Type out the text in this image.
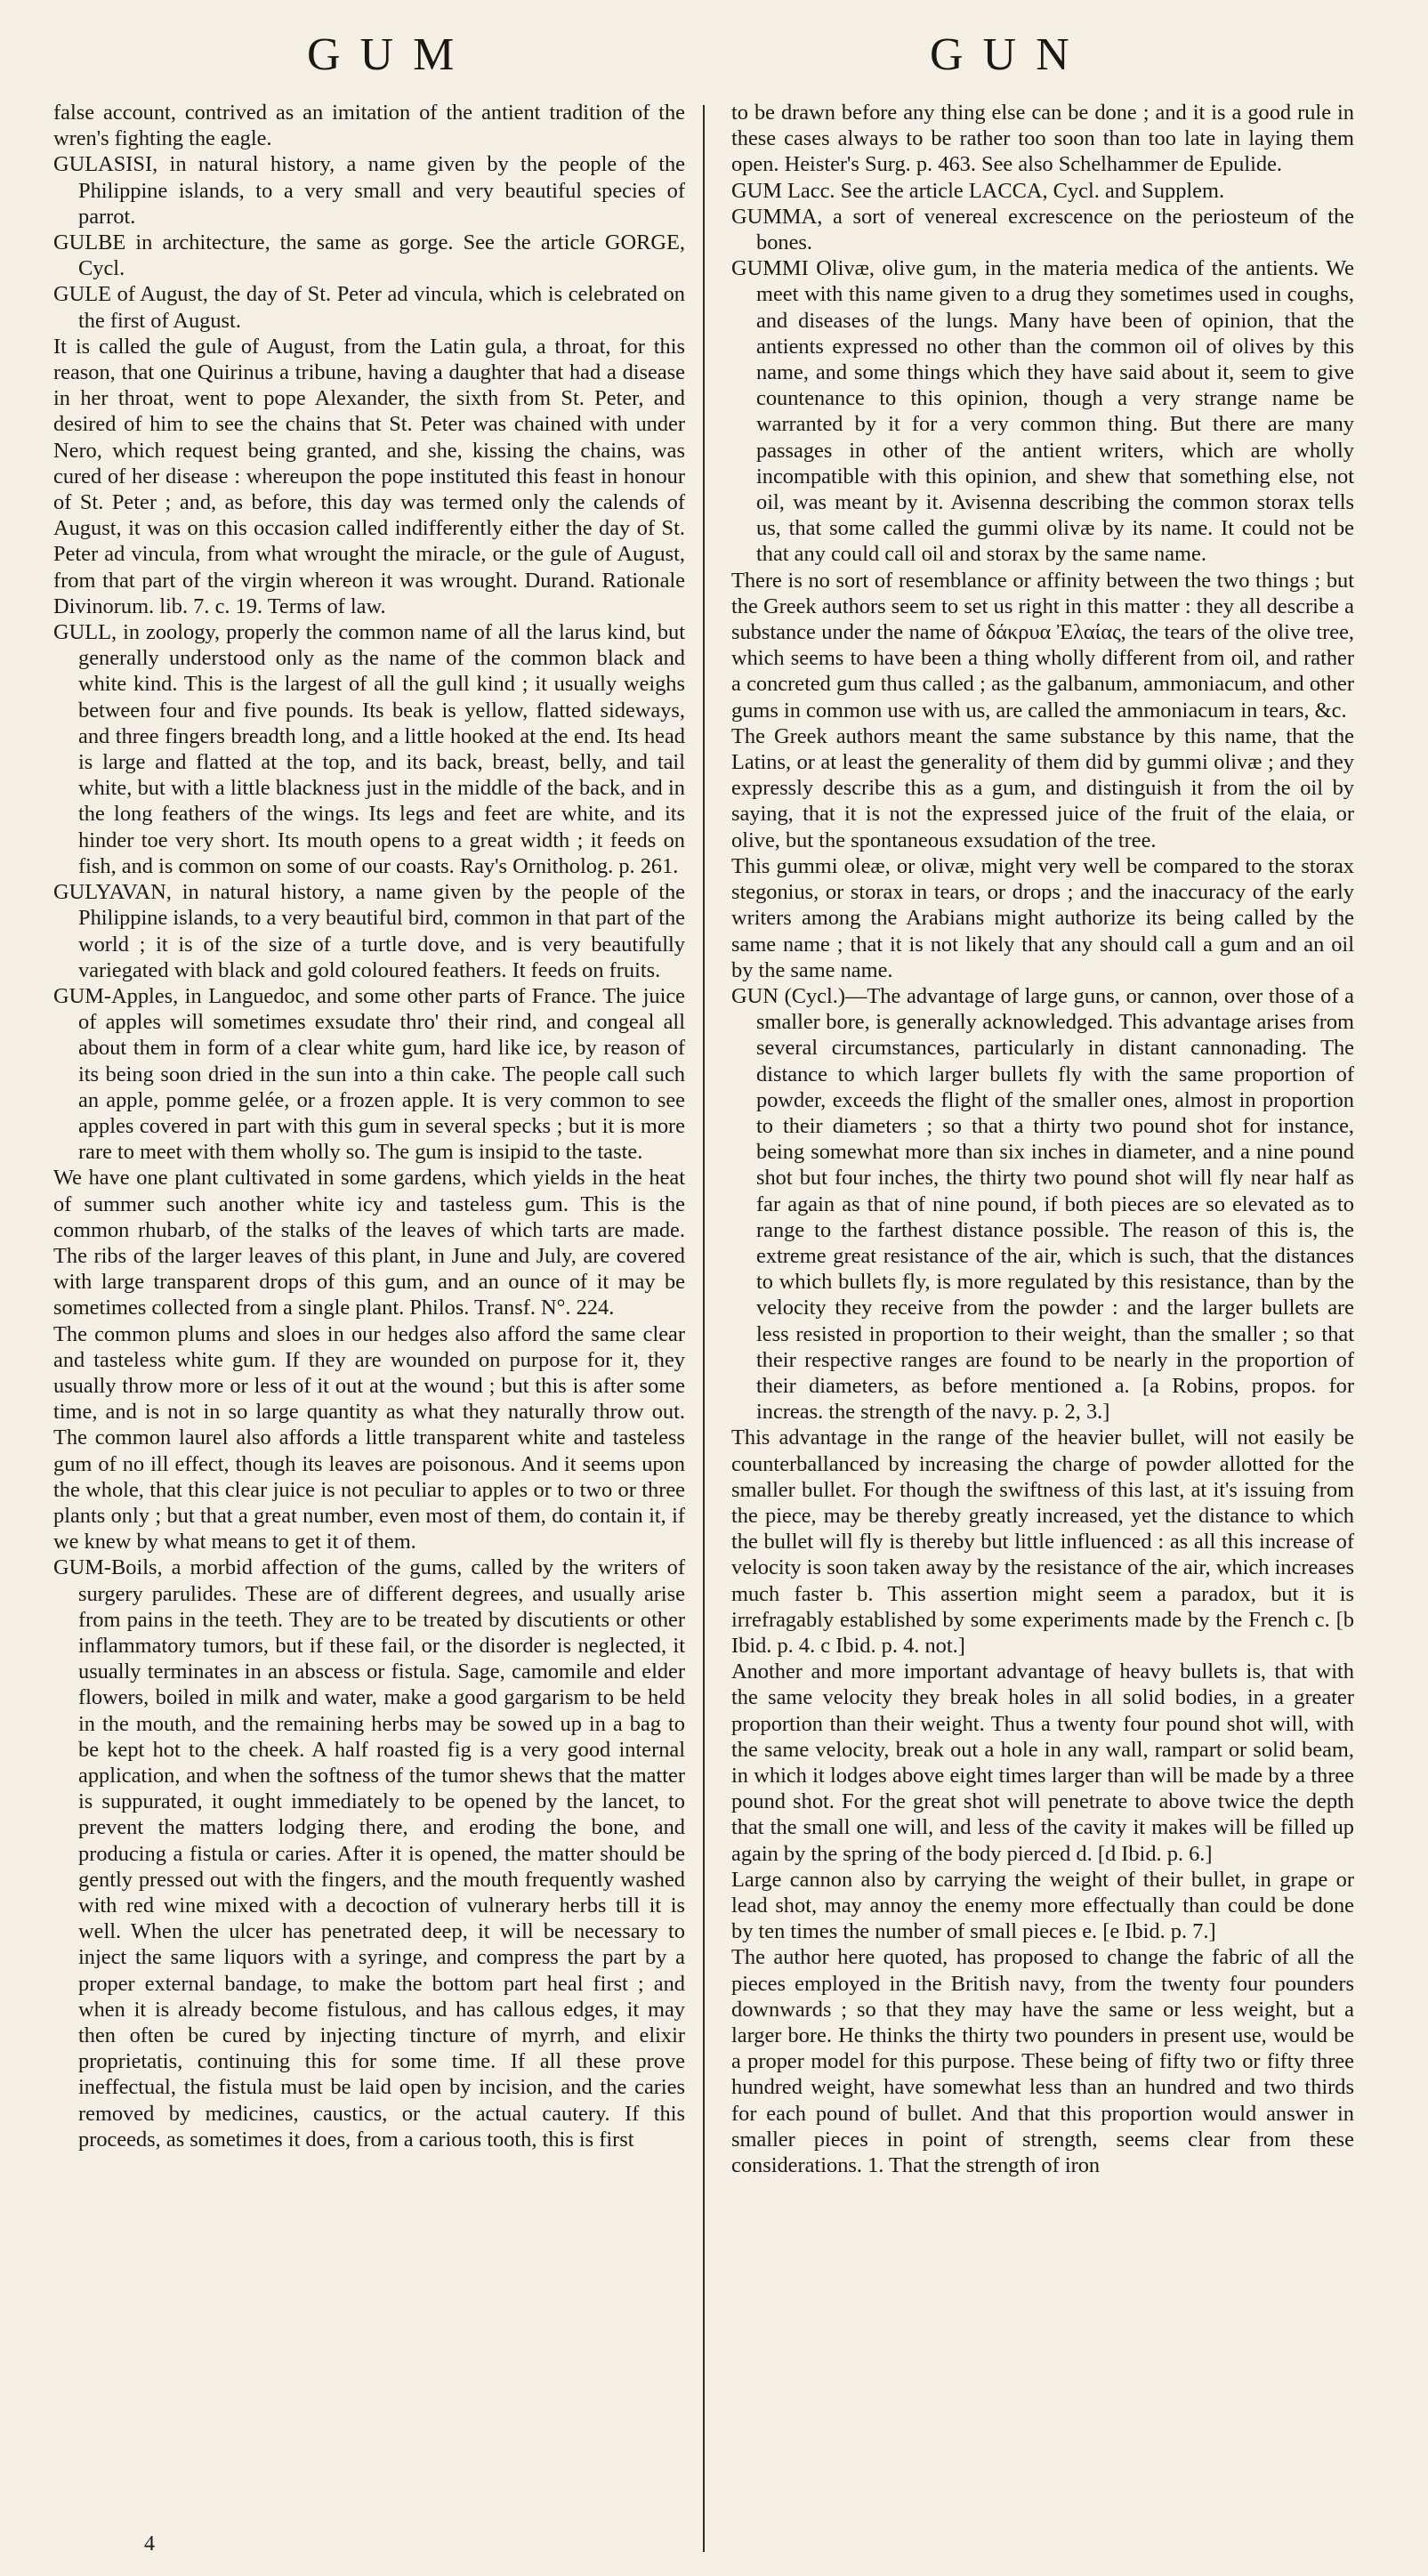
GUM	GUN

false account, contrived as an imitation of the antient tradition of the wren's fighting the eagle.

GULASISI, in natural history, a name given by the people of the Philippine islands, to a very small and very beautiful species of parrot.

GULBE in architecture, the same as gorge. See the article GORGE, Cycl.

GULE of August, the day of St. Peter ad vincula, which is celebrated on the first of August.

It is called the gule of August, from the Latin gula, a throat, for this reason, that one Quirinus a tribune, having a daughter that had a disease in her throat, went to pope Alexander, the sixth from St. Peter, and desired of him to see the chains that St. Peter was chained with under Nero, which request being granted, and she, kissing the chains, was cured of her disease : whereupon the pope instituted this feast in honour of St. Peter ; and, as before, this day was termed only the calends of August, it was on this occasion called indifferently either the day of St. Peter ad vincula, from what wrought the miracle, or the gule of August, from that part of the virgin whereon it was wrought. Durand. Rationale Divinorum. lib. 7. c. 19. Terms of law.

GULL, in zoology, properly the common name of all the larus kind, but generally understood only as the name of the common black and white kind. This is the largest of all the gull kind ; it usually weighs between four and five pounds. Its beak is yellow, flatted sideways, and three fingers breadth long, and a little hooked at the end. Its head is large and flatted at the top, and its back, breast, belly, and tail white, but with a little blackness just in the middle of the back, and in the long feathers of the wings. Its legs and feet are white, and its hinder toe very short. Its mouth opens to a great width ; it feeds on fish, and is common on some of our coasts. Ray's Ornitholog. p. 261.

GULYAVAN, in natural history, a name given by the people of the Philippine islands, to a very beautiful bird, common in that part of the world ; it is of the size of a turtle dove, and is very beautifully variegated with black and gold coloured feathers. It feeds on fruits.

GUM-Apples, in Languedoc, and some other parts of France. The juice of apples will sometimes exsudate thro' their rind, and congeal all about them in form of a clear white gum, hard like ice, by reason of its being soon dried in the sun into a thin cake. The people call such an apple, pomme gelée, or a frozen apple. It is very common to see apples covered in part with this gum in several specks ; but it is more rare to meet with them wholly so. The gum is insipid to the taste.

We have one plant cultivated in some gardens, which yields in the heat of summer such another white icy and tasteless gum. This is the common rhubarb, of the stalks of the leaves of which tarts are made. The ribs of the larger leaves of this plant, in June and July, are covered with large transparent drops of this gum, and an ounce of it may be sometimes collected from a single plant. Philos. Transf. N°. 224.

The common plums and sloes in our hedges also afford the same clear and tasteless white gum. If they are wounded on purpose for it, they usually throw more or less of it out at the wound ; but this is after some time, and is not in so large quantity as what they naturally throw out. The common laurel also affords a little transparent white and tasteless gum of no ill effect, though its leaves are poisonous. And it seems upon the whole, that this clear juice is not peculiar to apples or to two or three plants only ; but that a great number, even most of them, do contain it, if we knew by what means to get it of them.

GUM-Boils, a morbid affection of the gums, called by the writers of surgery parulides. These are of different degrees, and usually arise from pains in the teeth. They are to be treated by discutients or other inflammatory tumors, but if these fail, or the disorder is neglected, it usually terminates in an abscess or fistula. Sage, camomile and elder flowers, boiled in milk and water, make a good gargarism to be held in the mouth, and the remaining herbs may be sowed up in a bag to be kept hot to the cheek. A half roasted fig is a very good internal application, and when the softness of the tumor shews that the matter is suppurated, it ought immediately to be opened by the lancet, to prevent the matters lodging there, and eroding the bone, and producing a fistula or caries. After it is opened, the matter should be gently pressed out with the fingers, and the mouth frequently washed with red wine mixed with a decoction of vulnerary herbs till it is well. When the ulcer has penetrated deep, it will be necessary to inject the same liquors with a syringe, and compress the part by a proper external bandage, to make the bottom part heal first ; and when it is already become fistulous, and has callous edges, it may then often be cured by injecting tincture of myrrh, and elixir proprietatis, continuing this for some time. If all these prove ineffectual, the fistula must be laid open by incision, and the caries removed by medicines, caustics, or the actual cautery. If this proceeds, as sometimes it does, from a carious tooth, this is first

to be drawn before any thing else can be done ; and it is a good rule in these cases always to be rather too soon than too late in laying them open. Heister's Surg. p. 463. See also Schelhammer de Epulide.

GUM Lacc. See the article LACCA, Cycl. and Supplem.

GUMMA, a sort of venereal excrescence on the periosteum of the bones.

GUMMI Olivæ, olive gum, in the materia medica of the antients. We meet with this name given to a drug they sometimes used in coughs, and diseases of the lungs. Many have been of opinion, that the antients expressed no other than the common oil of olives by this name, and some things which they have said about it, seem to give countenance to this opinion, though a very strange name be warranted by it for a very common thing. But there are many passages in other of the antient writers, which are wholly incompatible with this opinion, and shew that something else, not oil, was meant by it. Avisenna describing the common storax tells us, that some called the gummi olivæ by its name. It could not be that any could call oil and storax by the same name.

There is no sort of resemblance or affinity between the two things ; but the Greek authors seem to set us right in this matter : they all describe a substance under the name of δάκρυα Ἐλαίας, the tears of the olive tree, which seems to have been a thing wholly different from oil, and rather a concreted gum thus called ; as the galbanum, ammoniacum, and other gums in common use with us, are called the ammoniacum in tears, &c.

The Greek authors meant the same substance by this name, that the Latins, or at least the generality of them did by gummi olivæ ; and they expressly describe this as a gum, and distinguish it from the oil by saying, that it is not the expressed juice of the fruit of the elaia, or olive, but the spontaneous exsudation of the tree.

This gummi oleæ, or olivæ, might very well be compared to the storax stegonius, or storax in tears, or drops ; and the inaccuracy of the early writers among the Arabians might authorize its being called by the same name ; that it is not likely that any should call a gum and an oil by the same name.

GUN (Cycl.)—The advantage of large guns, or cannon, over those of a smaller bore, is generally acknowledged. This advantage arises from several circumstances, particularly in distant cannonading. The distance to which larger bullets fly with the same proportion of powder, exceeds the flight of the smaller ones, almost in proportion to their diameters ; so that a thirty two pound shot for instance, being somewhat more than six inches in diameter, and a nine pound shot but four inches, the thirty two pound shot will fly near half as far again as that of nine pound, if both pieces are so elevated as to range to the farthest distance possible. The reason of this is, the extreme great resistance of the air, which is such, that the distances to which bullets fly, is more regulated by this resistance, than by the velocity they receive from the powder : and the larger bullets are less resisted in proportion to their weight, than the smaller ; so that their respective ranges are found to be nearly in the proportion of their diameters, as before mentioned a. [a Robins, propos. for increas. the strength of the navy. p. 2, 3.]

This advantage in the range of the heavier bullet, will not easily be counterballanced by increasing the charge of powder allotted for the smaller bullet. For though the swiftness of this last, at it's issuing from the piece, may be thereby greatly increased, yet the distance to which the bullet will fly is thereby but little influenced : as all this increase of velocity is soon taken away by the resistance of the air, which increases much faster b. This assertion might seem a paradox, but it is irrefragably established by some experiments made by the French c. [b Ibid. p. 4. c Ibid. p. 4. not.]

Another and more important advantage of heavy bullets is, that with the same velocity they break holes in all solid bodies, in a greater proportion than their weight. Thus a twenty four pound shot will, with the same velocity, break out a hole in any wall, rampart or solid beam, in which it lodges above eight times larger than will be made by a three pound shot. For the great shot will penetrate to above twice the depth that the small one will, and less of the cavity it makes will be filled up again by the spring of the body pierced d. [d Ibid. p. 6.]

Large cannon also by carrying the weight of their bullet, in grape or lead shot, may annoy the enemy more effectually than could be done by ten times the number of small pieces e. [e Ibid. p. 7.]

The author here quoted, has proposed to change the fabric of all the pieces employed in the British navy, from the twenty four pounders downwards ; so that they may have the same or less weight, but a larger bore. He thinks the thirty two pounders in present use, would be a proper model for this purpose. These being of fifty two or fifty three hundred weight, have somewhat less than an hundred and two thirds for each pound of bullet. And that this proportion would answer in smaller pieces in point of strength, seems clear from these considerations. 1. That the strength of iron

4
